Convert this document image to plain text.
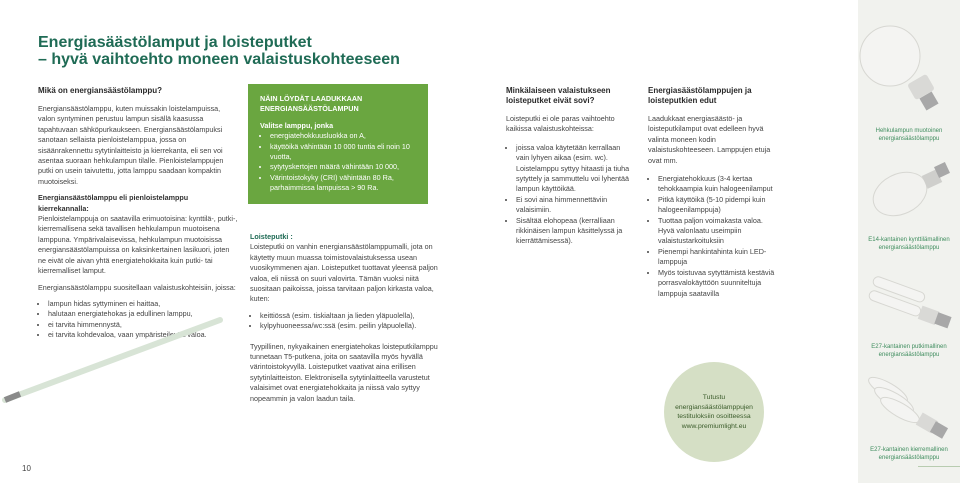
Energiasäästölamput ja loisteputket
– hyvä vaihtoehto moneen valaistuskohteeseen
Mikä on energiansäästölamppu?

Energiansäästölamppu, kuten muissakin loistelampuissa, valon syntyminen perustuu lampun sisällä kaasussa tapahtuvaan sähköpurkaukseen. Energiansäästölampuksi sanotaan sellaista pienloistelamppua, jossa on sisäänrakennettu sytytinlaitteisto ja kierrekanta, eli sen voi asentaa suoraan hehkulampun tilalle. Pienloistelamppujen putki on usein taivutettu, jotta lamppu saadaan kompaktin muotoiseksi.

Energiansäästölamppu eli pienloistelamppu kierrekannalla:

Pienloistelamppuja on saatavilla erimuotoisina: kynttilä-, putki-, kierremallisena sekä tavallisen hehkulampun muotoisena lamppuna. Ympärivalaisevissa, hehkulampun muotoisissa energiansäästölampuissa on kaksinkertainen lasikuori, joten ne eivät ole aivan yhtä energiatehokkaita kuin putki- tai kierremalliset lamput.

Energiansäästölamppu suositellaan valaistuskohteisiin, joissa:

• lampun hidas syttyminen ei haittaa,
• halutaan energiatehokas ja edullinen lamppu,
• ei tarvita himmennystä,
• ei tarvita kohdevaloa, vaan ympäristeilevää valoa.
NÄIN LÖYDÄT LAADUKKAAN ENERGIANSÄÄSTÖLAMPUN
Valitse lamppu, jonka
• energiatehokkuusluokka on A,
• käyttöikä vähintään 10 000 tuntia eli noin 10 vuotta,
• sytytyskertojen määrä vähintään 10 000,
• Värintoistokyky (CRI) vähintään 80 Ra, parhaimmissa lampuissa > 90 Ra.
Loisteputki :

Loisteputki on vanhin energiansäästölamppumalli, jota on käytetty muun muassa toimistovalaistuksessa usean vuosikymmenen ajan. Loisteputket tuottavat yleensä paljon valoa, eli niissä on suuri valovirta. Tämän vuoksi niitä suositaan paikoissa, joissa tarvitaan paljon kirkasta valoa, kuten:

• keittiössä (esim. tiskialtaan ja lieden yläpuolella),
• kylpyhuoneessa/wc:ssä (esim. peilin yläpuolella).

Tyypillinen, nykyaikainen energiatehokas loisteputkilamppu tunnetaan T5-putkena, joita on saatavilla myös hyvällä värintoistokyvyllä. Loisteputket vaativat aina erillisen sytytinlaitteiston. Elektronisella sytytinlaitteella varustetut valaisimet ovat energiatehokkaita ja niissä valo syttyy nopeammin ja valon laadun taila.

10
Minkälaiseen valaistukseen loisteputket eivät sovi?

Loisteputki ei ole paras vaihtoehto kaikissa valaistuskohteissa:

• joissa valoa käytetään kerrallaan vain lyhyen aikaa (esim. wc). Loistelamppu syttyy hitaasti ja tiuha sytyttely ja sammuttelu voi lyhentää lampun käyttöikää.
• Ei sovi aina himmennettäviin valaisimiin.
• Sisältää elohopeaa (kerralliaan rikkinäisen lampun käsittelyssä ja kierrättämisessä).
Energiasäästölamppujen ja loisteputkien edut

Laadukkaat energiasäästö- ja loisteputkilamput ovat edelleen hyvä valinta moneen kodin valaistuskohteeseen. Lamppujen etuja ovat mm.

• Energiatehokkuus (3-4 kertaa tehokkaampia kuin halogeenilamput
• Pitkä käyttöikä (5-10 pidempi kuin halogeenilamppuja)
• Tuottaa paljon voimakasta valoa. Hyvä valonlaatu useimpiin valaistustarkoituksiin
• Pienempi hankintahinta kuin LED-lamppuja
• Myös toistuvaa sytyttämistä kestäviä porrasvalokäyttöön suunniteltuja lamppuja saatavilla
Tutustu energiansäästölamppujen testituloksiin osoitteessa www.premiumlight.eu
Hehkulampun muotoinen energiansäästölamppu
E14-kantainen kynttilämallinen energiansäästölamppu
E27-kantainen putkimallinen energiansäästölamppu
E27-kantainen kierremallinen energiansäästölamppu
